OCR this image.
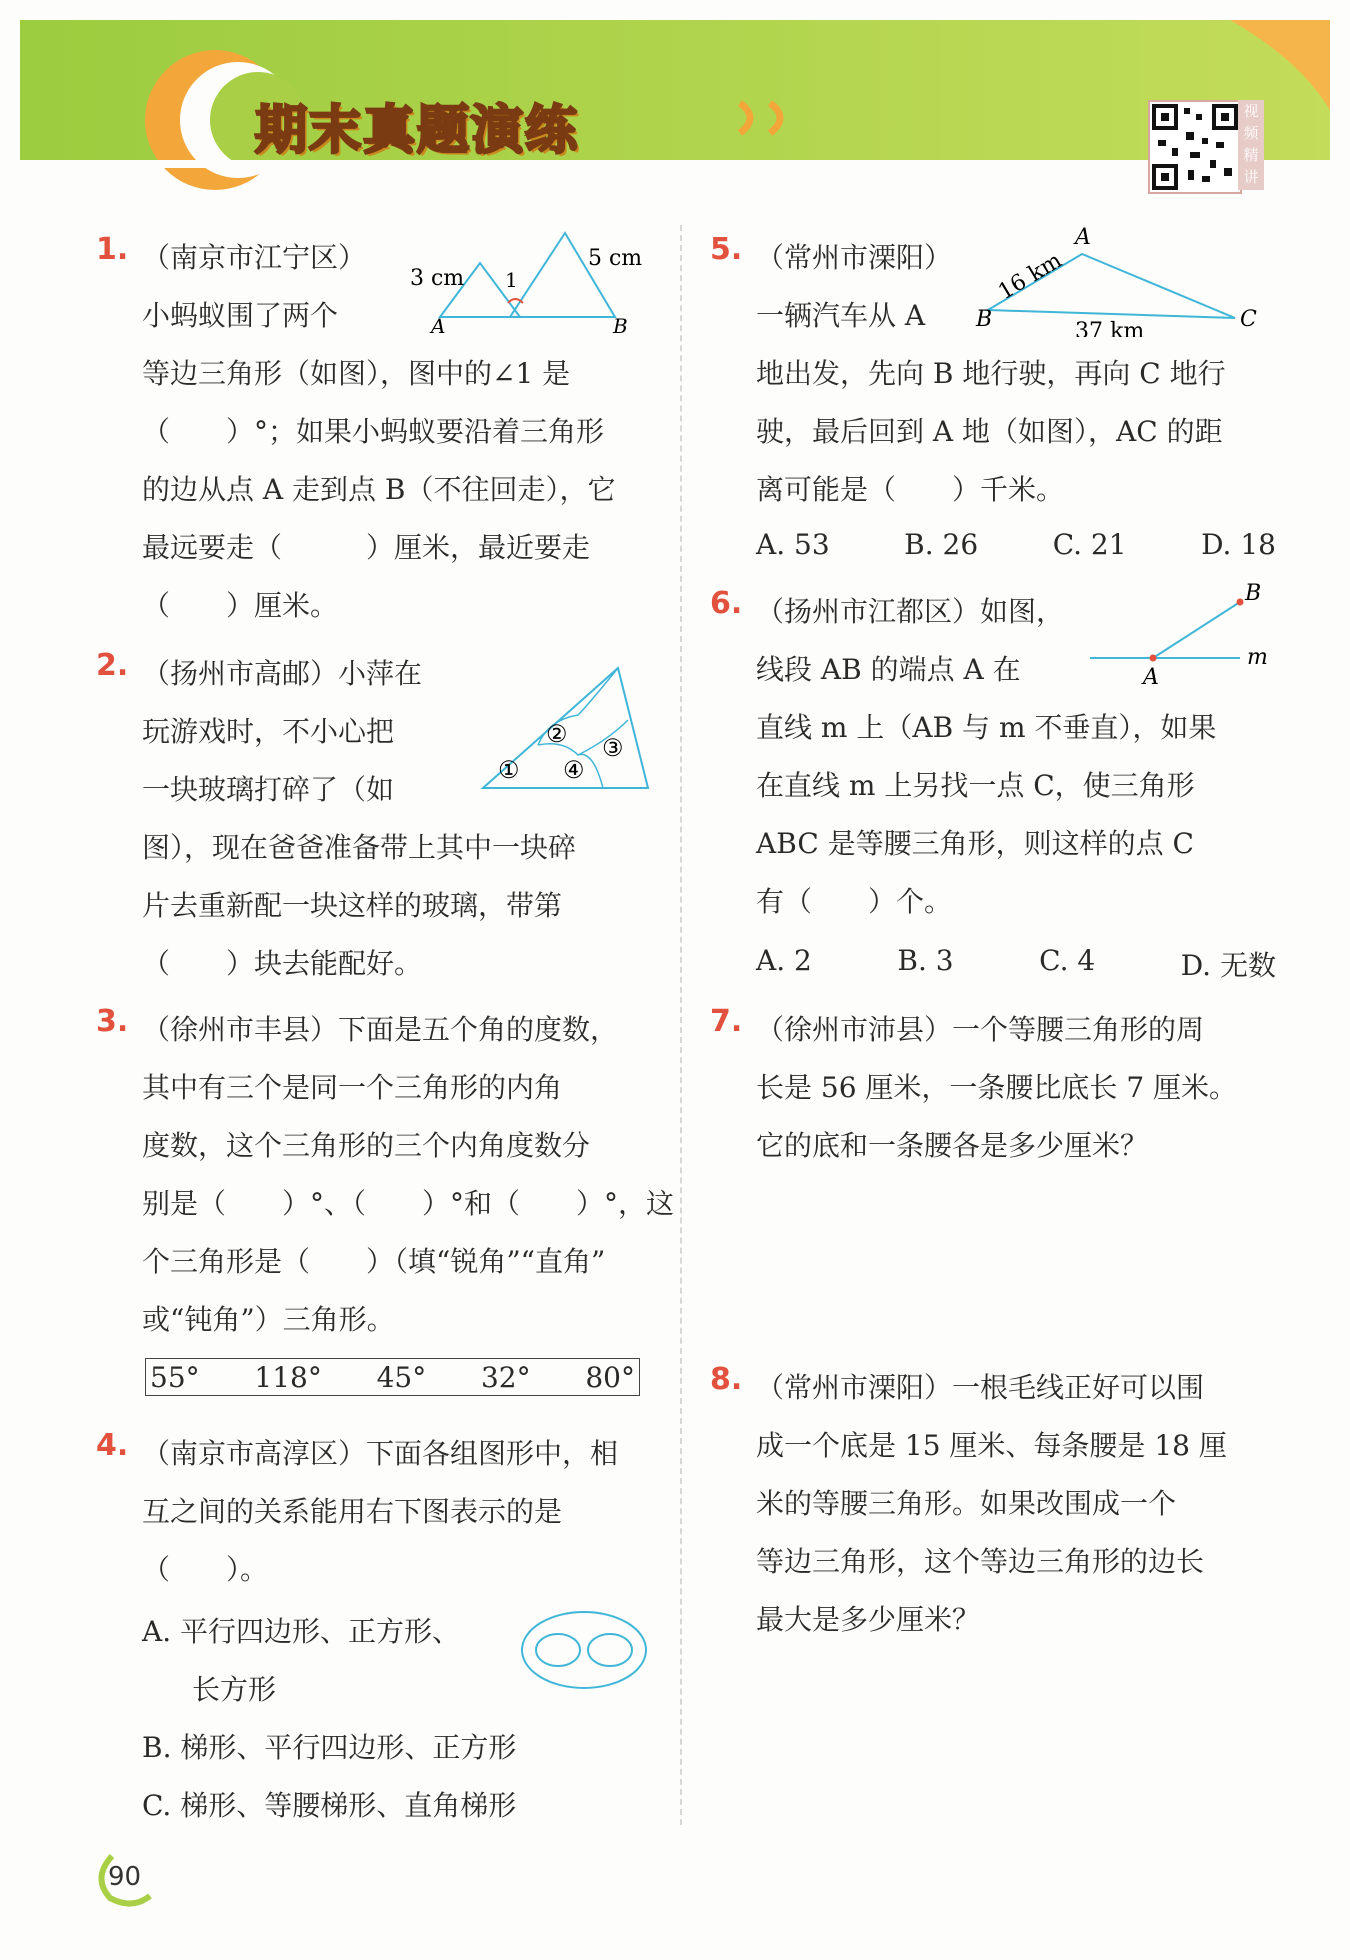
期末真题演练	视频精讲
1. （南京市江宁区）
小蚂蚁围了两个
等边三角形（如图），图中的∠1 是
（　　）°；如果小蚂蚁要沿着三角形
的边从点 A 走到点 B（不往回走），它
最远要走（　　　）厘米，最近要走
（　　）厘米。
3 cm
5 cm
1
A	B
2. （扬州市高邮）小萍在
玩游戏时，不小心把
一块玻璃打碎了（如
图），现在爸爸准备带上其中一块碎
片去重新配一块这样的玻璃，带第
（　　）块去能配好。
①
② ③
④
3. （徐州市丰县）下面是五个角的度数，
其中有三个是同一个三角形的内角
度数，这个三角形的三个内角度数分
别是（　　）°、（　　）°和（　　）°，这
个三角形是（　　）（填“锐角”“直角”
或“钝角”）三角形。
55° 118° 45° 32° 80°
4. （南京市高淳区）下面各组图形中，相
互之间的关系能用右下图表示的是
（　　）。
A. 平行四边形、正方形、
长方形
B. 梯形、平行四边形、正方形
C. 梯形、等腰梯形、直角梯形
5. （常州市溧阳）
一辆汽车从 A
地出发，先向 B 地行驶，再向 C 地行
驶，最后回到 A 地（如图），AC 的距
离可能是（　　）千米。
A. 53	B. 26	C. 21	D. 18
A
B	C
16 km
37 km
6. （扬州市江都区）如图，
线段 AB 的端点 A 在
直线 m 上（AB 与 m 不垂直），如果
在直线 m 上另找一点 C，使三角形
ABC 是等腰三角形，则这样的点 C
有（　　）个。
A. 2	B. 3	C. 4	D. 无数
B
A
m
7. （徐州市沛县）一个等腰三角形的周
长是 56 厘米，一条腰比底长 7 厘米。
它的底和一条腰各是多少厘米？
8. （常州市溧阳）一根毛线正好可以围
成一个底是 15 厘米、每条腰是 18 厘
米的等腰三角形。如果改围成一个
等边三角形，这个等边三角形的边长
最大是多少厘米？
90
